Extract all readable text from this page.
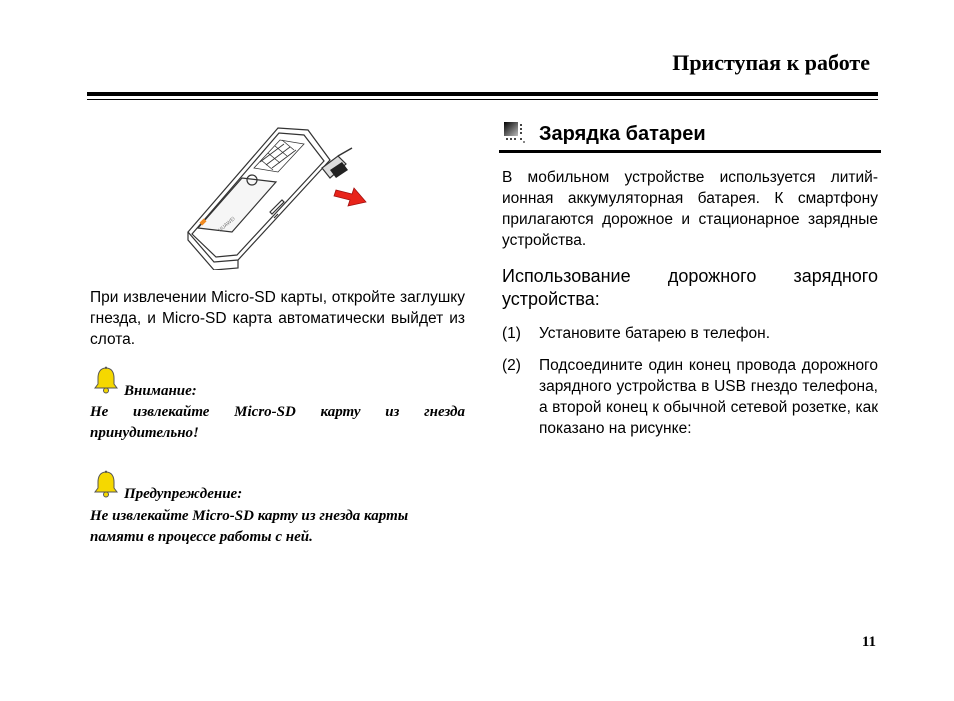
Приступая к работе
HUAWEI
При извлечении Micro-SD карты, откройте заглушку гнезда, и Micro-SD карта автоматически выйдет из слота.
Внимание:
Не извлекайте Micro-SD карту из гнезда принудительно!
Предупреждение:
Не извлекайте Micro-SD карту из гнезда карты памяти в процессе работы с ней.
Зарядка батареи
В мобильном устройстве используется литий-ионная аккумуляторная батарея. К смартфону прилагаются дорожное и стационарное зарядные устройства.
Использование дорожного зарядного устройства:
(1) Установите батарею в телефон.
(2) Подсоедините один конец провода дорожного зарядного устройства в USB гнездо телефона, а второй конец к обычной сетевой розетке, как показано на рисунке:
11
